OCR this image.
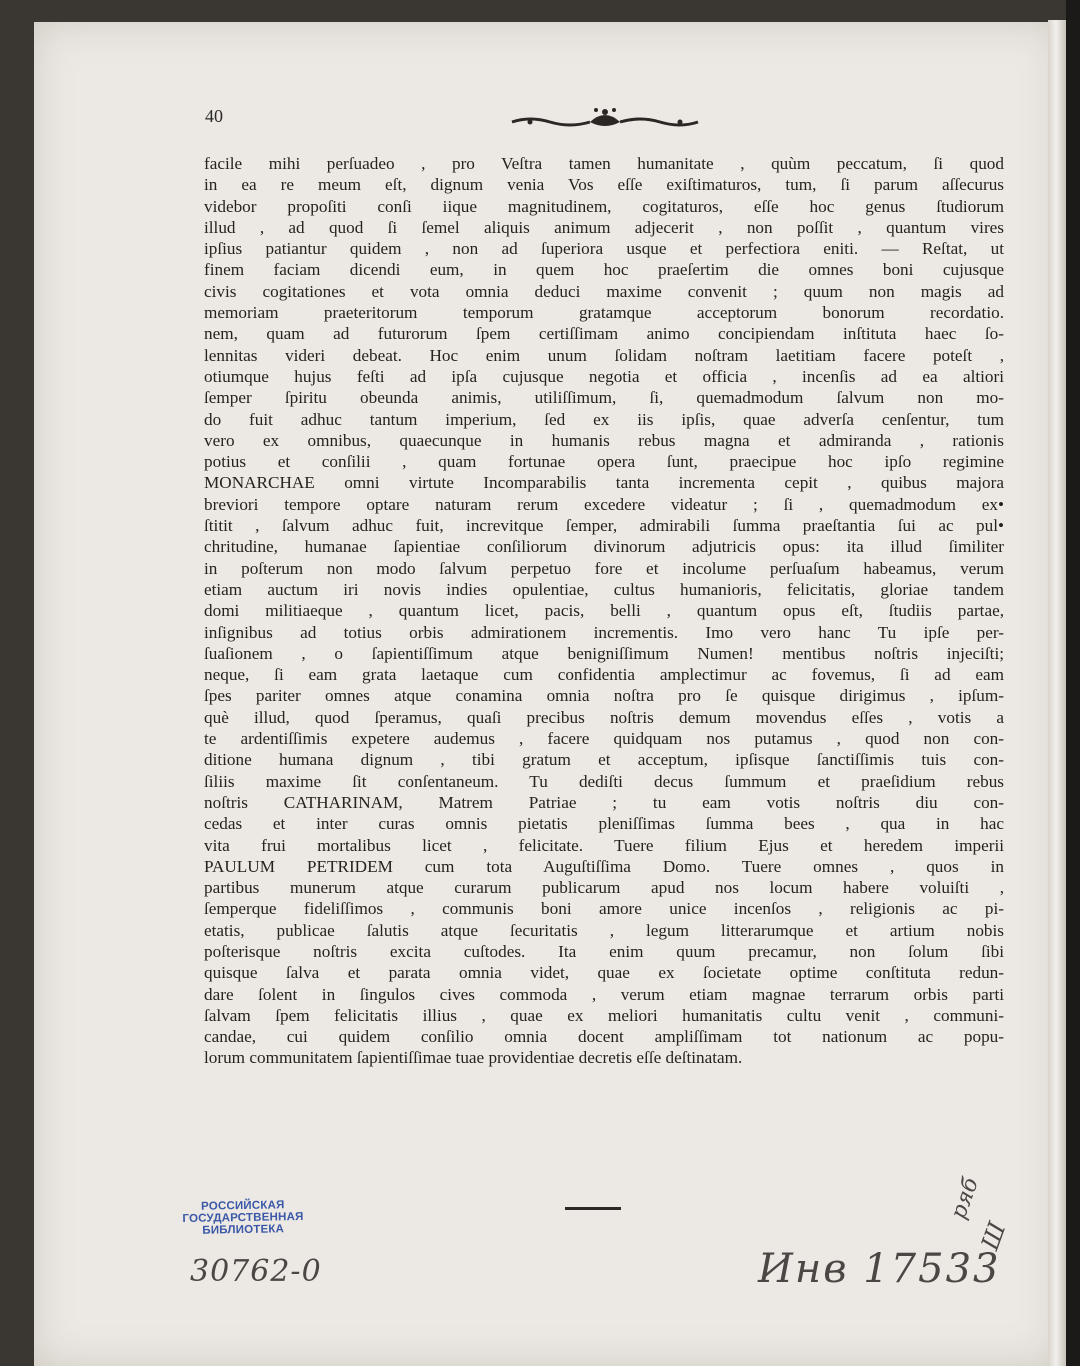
40
facile mihi perſuadeo , pro Veſtra tamen humanitate , quùm peccatum, ſi quod
in ea re meum eſt, dignum venia Vos eſſe exiſtimaturos, tum, ſi parum aſſecurus
videbor propoſiti conſi iique magnitudinem, cogitaturos, eſſe hoc genus ſtudiorum
illud , ad quod ſi ſemel aliquis animum adjecerit , non poſſit , quantum vires
ipſius patiantur quidem , non ad ſuperiora usque et perfectiora eniti. — Reſtat, ut
finem faciam dicendi eum, in quem hoc praeſertim die omnes boni cujusque
civis cogitationes et vota omnia deduci maxime convenit ; quum non magis ad
memoriam praeteritorum temporum gratamque acceptorum bonorum recordatio.
nem, quam ad futurorum ſpem certiſſimam animo concipiendam inſtituta haec ſo-
lennitas videri debeat. Hoc enim unum ſolidam noſtram laetitiam facere poteſt ,
otiumque hujus feſti ad ipſa cujusque negotia et officia , incenſis ad ea altiori
ſemper ſpiritu obeunda animis, utiliſſimum, ſi, quemadmodum ſalvum non mo-
do fuit adhuc tantum imperium, ſed ex iis ipſis, quae adverſa cenſentur, tum
vero ex omnibus, quaecunque in humanis rebus magna et admiranda , rationis
potius et conſilii , quam fortunae opera ſunt, praecipue hoc ipſo regimine
MONARCHAE omni virtute Incomparabilis tanta incrementa cepit , quibus majora
breviori tempore optare naturam rerum excedere videatur ; ſi , quemadmodum ex•
ſtitit , ſalvum adhuc fuit, increvitque ſemper, admirabili ſumma praeſtantia ſui ac pul•
chritudine, humanae ſapientiae conſiliorum divinorum adjutricis opus: ita illud ſimiliter
in poſterum non modo ſalvum perpetuo fore et incolume perſuaſum habeamus, verum
etiam auctum iri novis indies opulentiae, cultus humanioris, felicitatis, gloriae tandem
domi militiaeque , quantum licet, pacis, belli , quantum opus eſt, ſtudiis partae,
inſignibus ad totius orbis admirationem incrementis. Imo vero hanc Tu ipſe per-
ſuaſionem , o ſapientiſſimum atque benigniſſimum Numen! mentibus noſtris injeciſti;
neque, ſi eam grata laetaque cum confidentia amplectimur ac fovemus, ſi ad eam
ſpes pariter omnes atque conamina omnia noſtra pro ſe quisque dirigimus , ipſum-
què illud, quod ſperamus, quaſi precibus noſtris demum movendus eſſes , votis a
te ardentiſſimis expetere audemus , facere quidquam nos putamus , quod non con-
ditione humana dignum , tibi gratum et acceptum, ipſisque ſanctiſſimis tuis con-
ſiliis maxime ſit conſentaneum. Tu dediſti decus ſummum et praeſidium rebus
noſtris CATHARINAM, Matrem Patriae ; tu eam votis noſtris diu con-
cedas et inter curas omnis pietatis pleniſſimas ſumma bees , qua in hac
vita frui mortalibus licet , felicitate. Tuere filium Ejus et heredem imperii
PAULUM PETRIDEM cum tota Auguſtiſſima Domo. Tuere omnes , quos in
partibus munerum atque curarum publicarum apud nos locum habere voluiſti ,
ſemperque fideliſſimos , communis boni amore unice incenſos , religionis ac pi-
etatis, publicae ſalutis atque ſecuritatis , legum litterarumque et artium nobis
poſterisque noſtris excita cuſtodes. Ita enim quum precamur, non ſolum ſibi
quisque ſalva et parata omnia videt, quae ex ſocietate optime conſtituta redun-
dare ſolent in ſingulos cives commoda , verum etiam magnae terrarum orbis parti
ſalvam ſpem felicitatis illius , quae ex meliori humanitatis cultu venit , communi-
candae, cui quidem conſilio omnia docent ampliſſimam tot nationum ac popu-
lorum communitatem ſapientiſſimae tuae providentiae decretis eſſe deſtinatam.
РОССИЙСКАЯ
ГОСУДАРСТВЕННАЯ
БИБЛИОТЕКА
30762-0	Инв 17533
ряб
Ш
